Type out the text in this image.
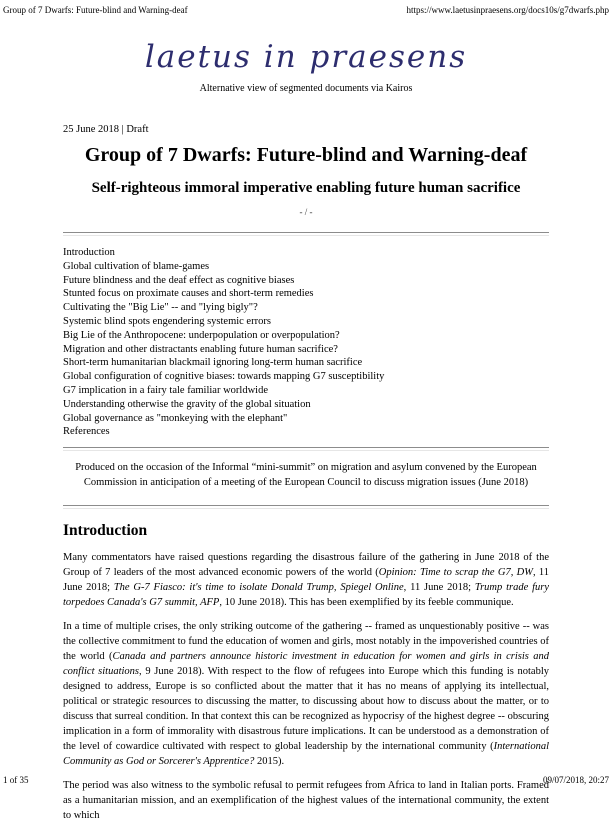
Group of 7 Dwarfs: Future-blind and Warning-deaf	https://www.laetusinpraesens.org/docs10s/g7dwarfs.php
laetus in praesens
Alternative view of segmented documents via Kairos
25 June 2018 | Draft
Group of 7 Dwarfs: Future-blind and Warning-deaf
Self-righteous immoral imperative enabling future human sacrifice
- / -
Introduction
Global cultivation of blame-games
Future blindness and the deaf effect as cognitive biases
Stunted focus on proximate causes and short-term remedies
Cultivating the "Big Lie" -- and "lying bigly"?
Systemic blind spots engendering systemic errors
Big Lie of the Anthropocene: underpopulation or overpopulation?
Migration and other distractants enabling future human sacrifice?
Short-term humanitarian blackmail ignoring long-term human sacrifice
Global configuration of cognitive biases: towards mapping G7 susceptibility
G7 implication in a fairy tale familiar worldwide
Understanding otherwise the gravity of the global situation
Global governance as "monkeying with the elephant"
References
Produced on the occasion of the Informal “mini-summit” on migration and asylum convened by the European Commission in anticipation of a meeting of the European Council to discuss migration issues (June 2018)
Introduction

Many commentators have raised questions regarding the disastrous failure of the gathering in June 2018 of the Group of 7 leaders of the most advanced economic powers of the world (Opinion: Time to scrap the G7, DW, 11 June 2018; The G-7 Fiasco: it's time to isolate Donald Trump, Spiegel Online, 11 June 2018; Trump trade fury torpedoes Canada's G7 summit, AFP, 10 June 2018). This has been exemplified by its feeble communique.

In a time of multiple crises, the only striking outcome of the gathering -- framed as unquestionably positive -- was the collective commitment to fund the education of women and girls, most notably in the impoverished countries of the world (Canada and partners announce historic investment in education for women and girls in crisis and conflict situations, 9 June 2018). With respect to the flow of refugees into Europe which this funding is notably designed to address, Europe is so conflicted about the matter that it has no means of applying its intellectual, political or strategic resources to discussing the matter, to discussing about how to discuss about the matter, or to discuss that surreal condition. In that context this can be recognized as hypocrisy of the highest degree -- obscuring implication in a form of immorality with disastrous future implications. It can be understood as a demonstration of the level of cowardice cultivated with respect to global leadership by the international community (International Community as God or Sorcerer's Apprentice? 2015).

The period was also witness to the symbolic refusal to permit refugees from Africa to land in Italian ports. Framed as a humanitarian mission, and an exemplification of the highest values of the international community, the extent to which

1 of 35	09/07/2018, 20:27
